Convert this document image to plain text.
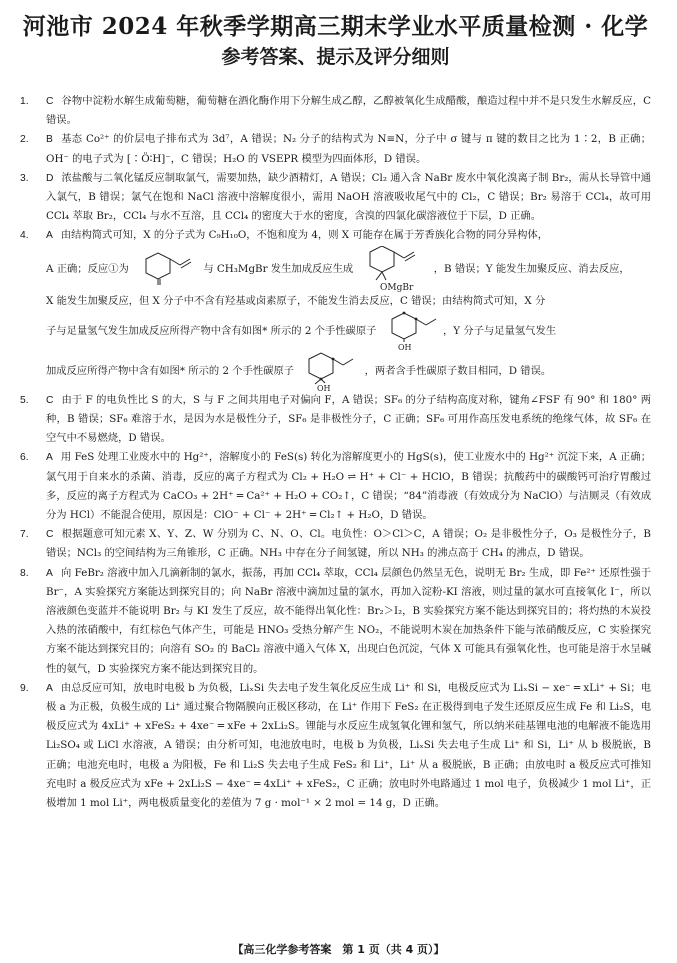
河池市 2024 年秋季学期高三期末学业水平质量检测 · 化学
参考答案、提示及评分细则
1.	C 谷物中淀粉水解生成葡萄糖，葡萄糖在酒化酶作用下分解生成乙醇，乙醇被氧化生成醋酸，酿造过程中并不是只发生水解反应，C 错误。
2.	B 基态 Co²⁺ 的价层电子排布式为 3d⁷，A 错误；N₂ 分子的结构式为 N≡N，分子中 σ 键与 π 键的数目之比为 1∶2，B 正确；OH⁻ 的电子式为 [∶Ö∶H]⁻，C 错误；H₂O 的 VSEPR 模型为四面体形，D 错误。
3.	D 浓盐酸与二氧化锰反应制取氯气，需要加热，缺少酒精灯，A 错误；Cl₂ 通入含 NaBr 废水中氧化溴离子制 Br₂，需从长导管中通入氯气，B 错误；氯气在饱和 NaCl 溶液中溶解度很小，需用 NaOH 溶液吸收尾气中的 Cl₂，C 错误；Br₂ 易溶于 CCl₄，故可用 CCl₄ 萃取 Br₂，CCl₄ 与水不互溶，且 CCl₄ 的密度大于水的密度，含溴的四氯化碳溶液位于下层，D 正确。
4.	A 由结构简式可知，X 的分子式为 C₉H₁₀O，不饱和度为 4，则 X 可能存在属于芳香族化合物的同分异构体，
A 正确；反应①为	与 CH₃MgBr 发生加成反应生成
OMgBr
，B 错误；Y 能发生加聚反应、消去反应，
X 能发生加聚反应，但 X 分子中不含有羟基或卤素原子，不能发生消去反应，C 错误；由结构简式可知，X 分
子与足量氢气发生加成反应所得产物中含有如图* 所示的 2 个手性碳原子
OH
，Y 分子与足量氢气发生
加成反应所得产物中含有如图* 所示的 2 个手性碳原子
OH
，两者含手性碳原子数目相同，D 错误。
5.	C 由于 F 的电负性比 S 的大，S 与 F 之间共用电子对偏向 F，A 错误；SF₆ 的分子结构高度对称，键角∠FSF 有 90° 和 180° 两种，B 错误；SF₆ 难溶于水，是因为水是极性分子，SF₆ 是非极性分子，C 正确；SF₆ 可用作高压发电系统的绝缘气体，故 SF₆ 在空气中不易燃烧，D 错误。
6.	A 用 FeS 处理工业废水中的 Hg²⁺，溶解度小的 FeS(s) 转化为溶解度更小的 HgS(s)，使工业废水中的 Hg²⁺ 沉淀下来，A 正确；氯气用于自来水的杀菌、消毒，反应的离子方程式为 Cl₂ + H₂O ⇌ H⁺ + Cl⁻ + HClO，B 错误；抗酸药中的碳酸钙可治疗胃酸过多，反应的离子方程式为 CaCO₃ + 2H⁺ ═ Ca²⁺ + H₂O + CO₂↑，C 错误；“84”消毒液（有效成分为 NaClO）与洁厕灵（有效成分为 HCl）不能混合使用，原因是：ClO⁻ + Cl⁻ + 2H⁺ ═ Cl₂↑ + H₂O，D 错误。
7.	C 根据题意可知元素 X、Y、Z、W 分别为 C、N、O、Cl。电负性：O＞Cl＞C，A 错误；O₂ 是非极性分子，O₃ 是极性分子，B 错误；NCl₃ 的空间结构为三角锥形，C 正确。NH₃ 中存在分子间氢键，所以 NH₃ 的沸点高于 CH₄ 的沸点，D 错误。
8.	A 向 FeBr₂ 溶液中加入几滴新制的氯水，振荡，再加 CCl₄ 萃取，CCl₄ 层颜色仍然呈无色，说明无 Br₂ 生成，即 Fe²⁺ 还原性强于 Br⁻，A 实验探究方案能达到探究目的；向 NaBr 溶液中滴加过量的氯水，再加入淀粉-KI 溶液，则过量的氯水可直接氧化 I⁻，所以溶液颜色变蓝并不能说明 Br₂ 与 KI 发生了反应，故不能得出氧化性：Br₂＞I₂，B 实验探究方案不能达到探究目的；将灼热的木炭投入热的浓硝酸中，有红棕色气体产生，可能是 HNO₃ 受热分解产生 NO₂，不能说明木炭在加热条件下能与浓硝酸反应，C 实验探究方案不能达到探究目的；向溶有 SO₂ 的 BaCl₂ 溶液中通入气体 X，出现白色沉淀，气体 X 可能具有强氧化性，也可能是溶于水呈碱性的氨气，D 实验探究方案不能达到探究目的。
9.	A 由总反应可知，放电时电极 b 为负极，LiₓSi 失去电子发生氧化反应生成 Li⁺ 和 Si，电极反应式为 LiₓSi − xe⁻ ═ xLi⁺ + Si；电极 a 为正极，负极生成的 Li⁺ 通过聚合物隔膜向正极区移动，在 Li⁺ 作用下 FeS₂ 在正极得到电子发生还原反应生成 Fe 和 Li₂S，电极反应式为 4xLi⁺ + xFeS₂ + 4xe⁻ ═ xFe + 2xLi₂S。锂能与水反应生成氢氧化锂和氢气，所以纳米硅基锂电池的电解液不能选用 Li₂SO₄ 或 LiCl 水溶液，A 错误；由分析可知，电池放电时，电极 b 为负极，LiₓSi 失去电子生成 Li⁺ 和 Si，Li⁺ 从 b 极脱嵌，B 正确；电池充电时，电极 a 为阳极，Fe 和 Li₂S 失去电子生成 FeS₂ 和 Li⁺，Li⁺ 从 a 极脱嵌，B 正确；由放电时 a 极反应式可推知充电时 a 极反应式为 xFe + 2xLi₂S − 4xe⁻ ═ 4xLi⁺ + xFeS₂，C 正确；放电时外电路通过 1 mol 电子，负极减少 1 mol Li⁺，正极增加 1 mol Li⁺，两电极质量变化的差值为 7 g · mol⁻¹ × 2 mol = 14 g，D 正确。
【高三化学参考答案　第 1 页（共 4 页）】
